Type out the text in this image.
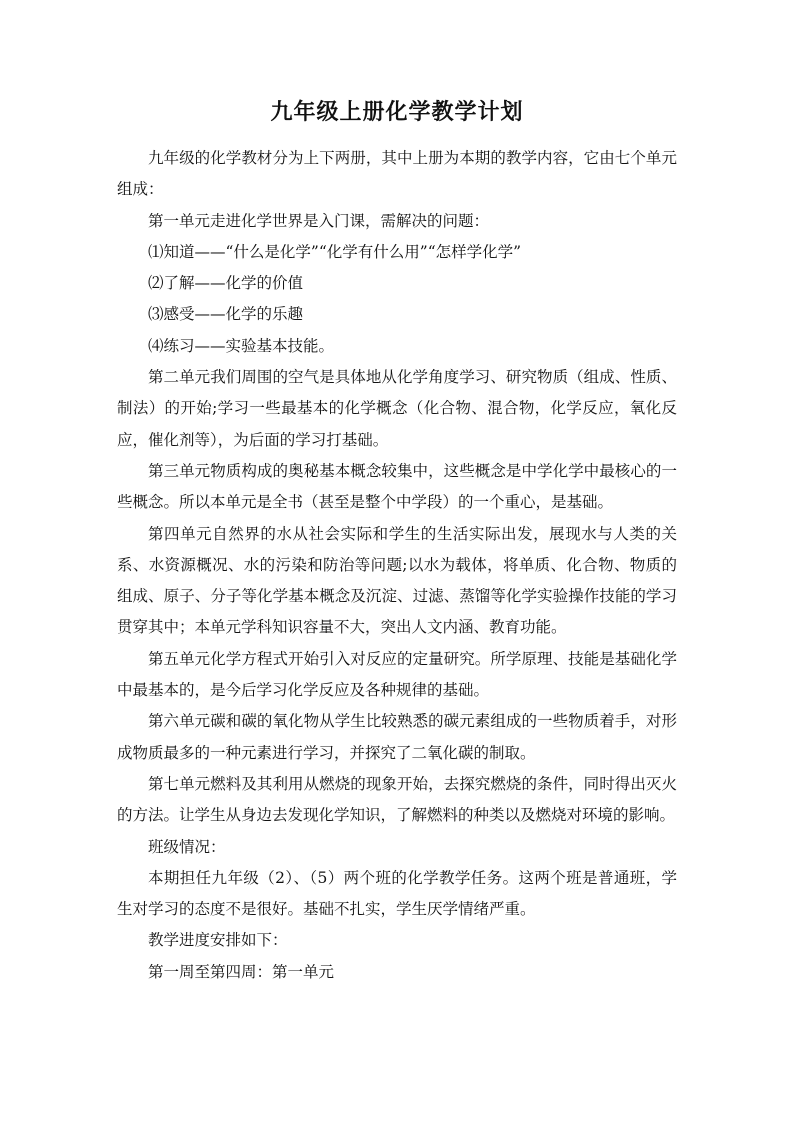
九年级上册化学教学计划

九年级的化学教材分为上下两册，其中上册为本期的教学内容，它由七个单元组成：

第一单元走进化学世界是入门课，需解决的问题：

⑴知道——“什么是化学”“化学有什么用”“怎样学化学”

⑵了解——化学的价值

⑶感受——化学的乐趣

⑷练习——实验基本技能。

第二单元我们周围的空气是具体地从化学角度学习、研究物质（组成、性质、制法）的开始;学习一些最基本的化学概念（化合物、混合物，化学反应，氧化反应，催化剂等），为后面的学习打基础。

第三单元物质构成的奥秘基本概念较集中，这些概念是中学化学中最核心的一些概念。所以本单元是全书（甚至是整个中学段）的一个重心，是基础。

第四单元自然界的水从社会实际和学生的生活实际出发，展现水与人类的关系、水资源概况、水的污染和防治等问题;以水为载体，将单质、化合物、物质的组成、原子、分子等化学基本概念及沉淀、过滤、蒸馏等化学实验操作技能的学习贯穿其中；本单元学科知识容量不大，突出人文内涵、教育功能。

第五单元化学方程式开始引入对反应的定量研究。所学原理、技能是基础化学中最基本的，是今后学习化学反应及各种规律的基础。

第六单元碳和碳的氧化物从学生比较熟悉的碳元素组成的一些物质着手，对形成物质最多的一种元素进行学习，并探究了二氧化碳的制取。

第七单元燃料及其利用从燃烧的现象开始，去探究燃烧的条件，同时得出灭火的方法。让学生从身边去发现化学知识，了解燃料的种类以及燃烧对环境的影响。

班级情况：

本期担任九年级（2）、（5）两个班的化学教学任务。这两个班是普通班，学生对学习的态度不是很好。基础不扎实，学生厌学情绪严重。

教学进度安排如下：

第一周至第四周：第一单元
